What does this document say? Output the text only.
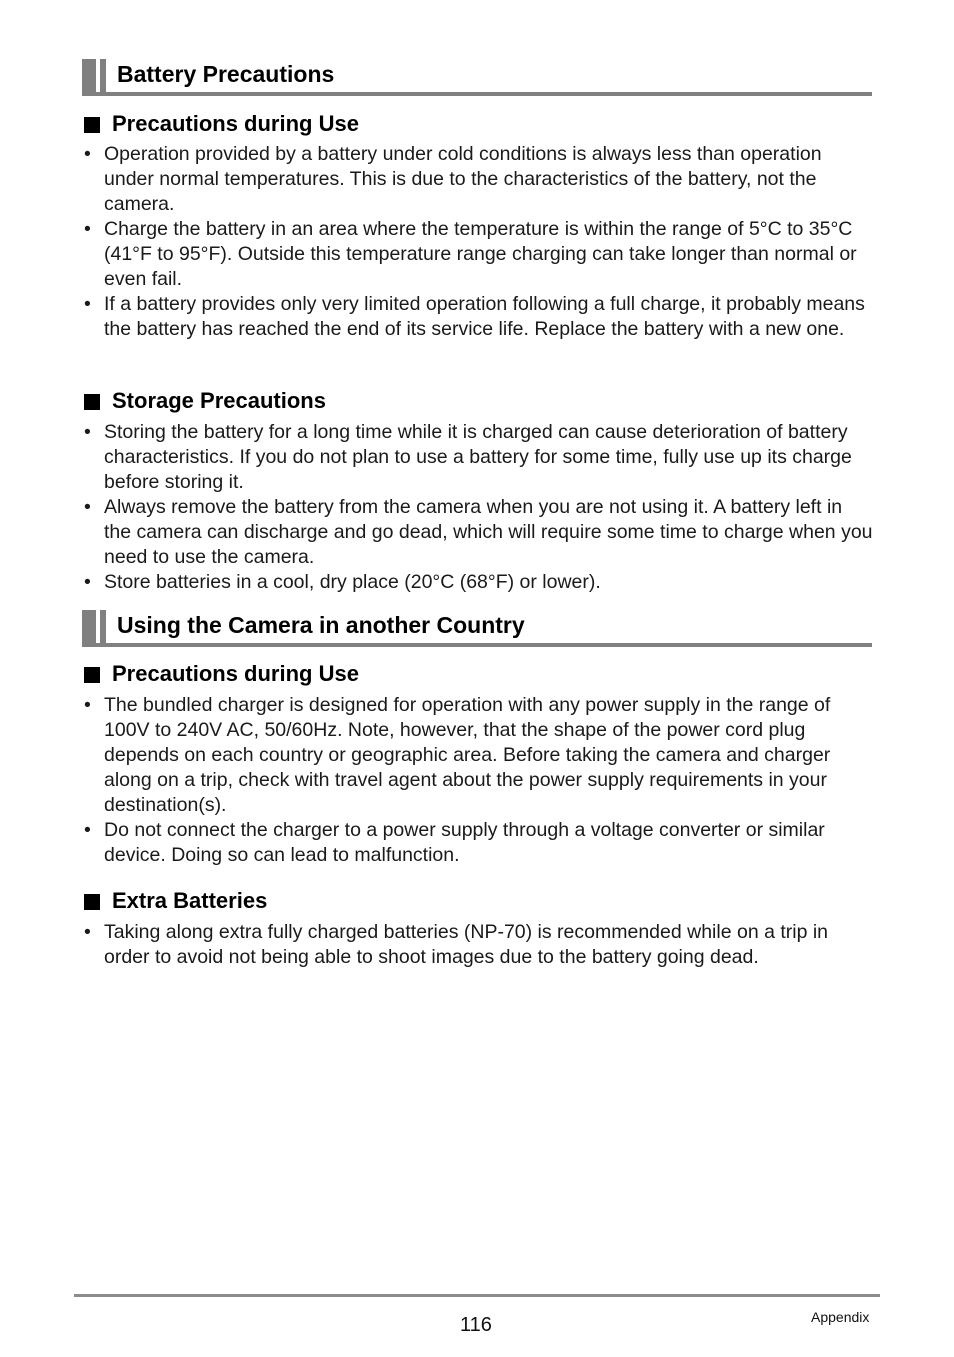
Battery Precautions
Precautions during Use
• Operation provided by a battery under cold conditions is always less than operation under normal temperatures. This is due to the characteristics of the battery, not the camera.
• Charge the battery in an area where the temperature is within the range of 5°C to 35°C (41°F to 95°F). Outside this temperature range charging can take longer than normal or even fail.
• If a battery provides only very limited operation following a full charge, it probably means the battery has reached the end of its service life. Replace the battery with a new one.
Storage Precautions
• Storing the battery for a long time while it is charged can cause deterioration of battery characteristics. If you do not plan to use a battery for some time, fully use up its charge before storing it.
• Always remove the battery from the camera when you are not using it. A battery left in the camera can discharge and go dead, which will require some time to charge when you need to use the camera.
• Store batteries in a cool, dry place (20°C (68°F) or lower).
Using the Camera in another Country
Precautions during Use
• The bundled charger is designed for operation with any power supply in the range of 100V to 240V AC, 50/60Hz. Note, however, that the shape of the power cord plug depends on each country or geographic area. Before taking the camera and charger along on a trip, check with travel agent about the power supply requirements in your destination(s).
• Do not connect the charger to a power supply through a voltage converter or similar device. Doing so can lead to malfunction.
Extra Batteries
• Taking along extra fully charged batteries (NP-70) is recommended while on a trip in order to avoid not being able to shoot images due to the battery going dead.
116	Appendix
